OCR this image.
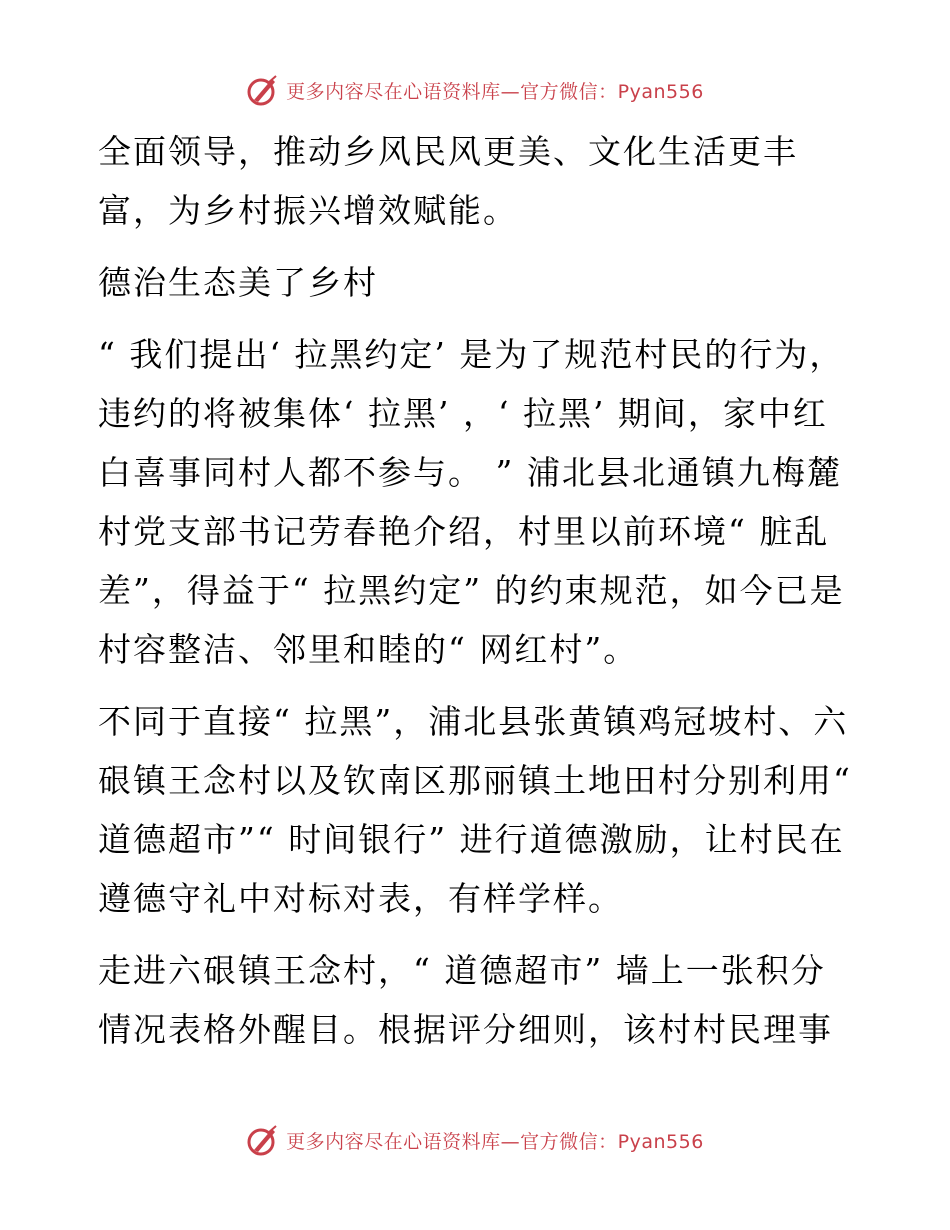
更多内容尽在心语资料库—官方微信：Pyan556

全面领导，推动乡风民风更美、文化生活更丰富，为乡村振兴增效赋能。

德治生态美了乡村

“ 我们提出‘ 拉黑约定’ 是为了规范村民的行为，违约的将被集体‘ 拉黑’ ，‘ 拉黑’ 期间，家中红白喜事同村人都不参与。 ” 浦北县北通镇九梅麓村党支部书记劳春艳介绍，村里以前环境“ 脏乱差”，得益于“ 拉黑约定” 的约束规范，如今已是村容整洁、邻里和睦的“ 网红村”。

不同于直接“ 拉黑”，浦北县张黄镇鸡冠坡村、六硍镇王念村以及钦南区那丽镇土地田村分别利用“ 道德超市”“ 时间银行” 进行道德激励，让村民在遵德守礼中对标对表，有样学样。

走进六硍镇王念村，“ 道德超市” 墙上一张积分情况表格外醒目。根据评分细则，该村村民理事

更多内容尽在心语资料库—官方微信：Pyan556
